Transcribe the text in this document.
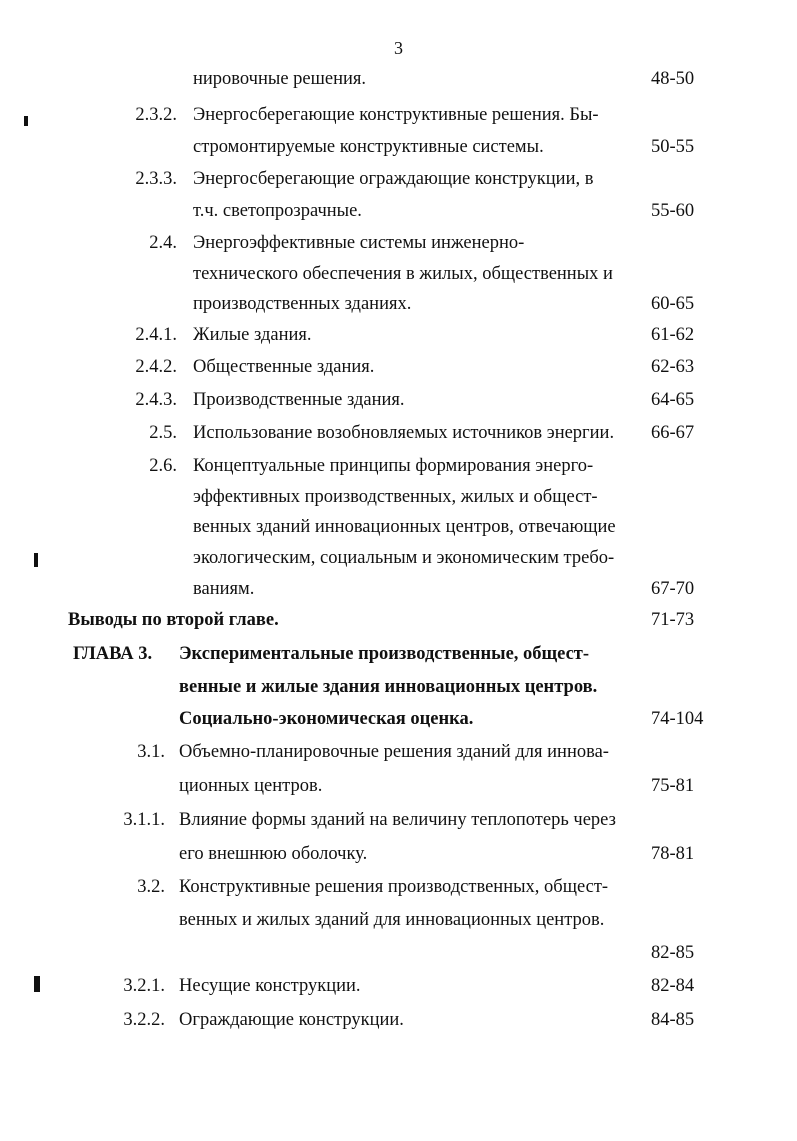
3
нировочные решения.	48-50
2.3.2. Энергосберегающие конструктивные решения. Бы-
стромонтируемые конструктивные системы.	50-55
2.3.3. Энергосберегающие ограждающие конструкции, в
т.ч. светопрозрачные.	55-60
2.4. Энергоэффективные системы инженерно-
технического обеспечения в жилых, общественных и
производственных зданиях.	60-65
2.4.1. Жилые здания.	61-62
2.4.2. Общественные здания.	62-63
2.4.3. Производственные здания.	64-65
2.5. Использование возобновляемых источников энергии. 66-67
2.6. Концептуальные принципы формирования энерго-
эффективных производственных, жилых и общест-
венных зданий инновационных центров, отвечающие
экологическим, социальным и экономическим требо-
ваниям.	67-70
Выводы по второй главе.	71-73
ГЛАВА 3. Экспериментальные производственные, общест-
венные и жилые здания инновационных центров.
Социально-экономическая оценка.	74-104
3.1. Объемно-планировочные решения зданий для иннова-
ционных центров.	75-81
3.1.1. Влияние формы зданий на величину теплопотерь через
его внешнюю оболочку.	78-81
3.2. Конструктивные решения производственных, общест-
венных и жилых зданий для инновационных центров.
82-85
3.2.1. Несущие конструкции.	82-84
3.2.2. Ограждающие конструкции.	84-85
